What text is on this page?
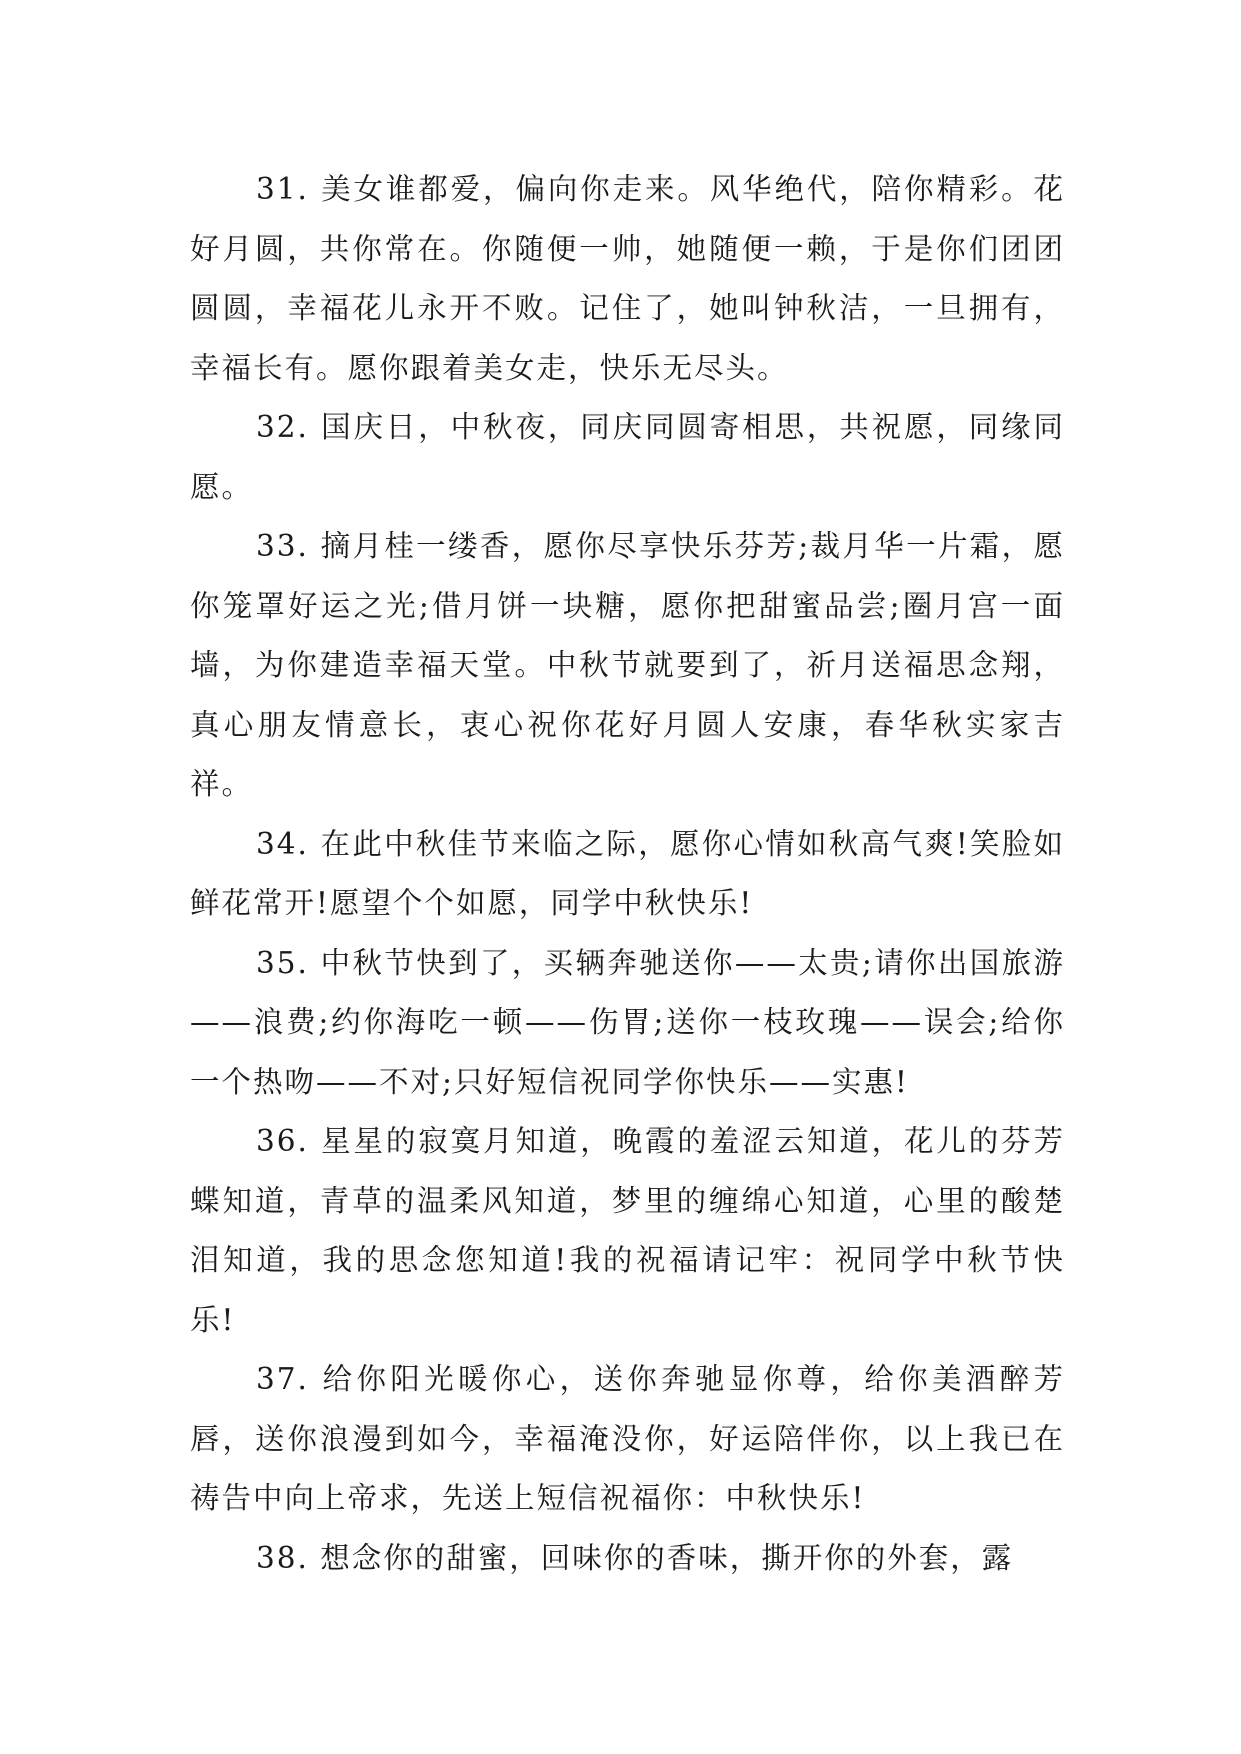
31. 美女谁都爱，偏向你走来。风华绝代，陪你精彩。花好月圆，共你常在。你随便一帅，她随便一赖，于是你们团团圆圆，幸福花儿永开不败。记住了，她叫钟秋洁，一旦拥有，幸福长有。愿你跟着美女走，快乐无尽头。

32. 国庆日，中秋夜，同庆同圆寄相思，共祝愿，同缘同愿。

33. 摘月桂一缕香，愿你尽享快乐芬芳;裁月华一片霜，愿你笼罩好运之光;借月饼一块糖，愿你把甜蜜品尝;圈月宫一面墙，为你建造幸福天堂。中秋节就要到了，祈月送福思念翔，真心朋友情意长，衷心祝你花好月圆人安康，春华秋实家吉祥。

34. 在此中秋佳节来临之际，愿你心情如秋高气爽!笑脸如鲜花常开!愿望个个如愿，同学中秋快乐!

35. 中秋节快到了，买辆奔驰送你——太贵;请你出国旅游——浪费;约你海吃一顿——伤胃;送你一枝玫瑰——误会;给你一个热吻——不对;只好短信祝同学你快乐——实惠!

36. 星星的寂寞月知道，晚霞的羞涩云知道，花儿的芬芳蝶知道，青草的温柔风知道，梦里的缠绵心知道，心里的酸楚泪知道，我的思念您知道!我的祝福请记牢：祝同学中秋节快乐!

37. 给你阳光暖你心，送你奔驰显你尊，给你美酒醉芳唇，送你浪漫到如今，幸福淹没你，好运陪伴你，以上我已在祷告中向上帝求，先送上短信祝福你：中秋快乐!

38. 想念你的甜蜜，回味你的香味，撕开你的外套，露
